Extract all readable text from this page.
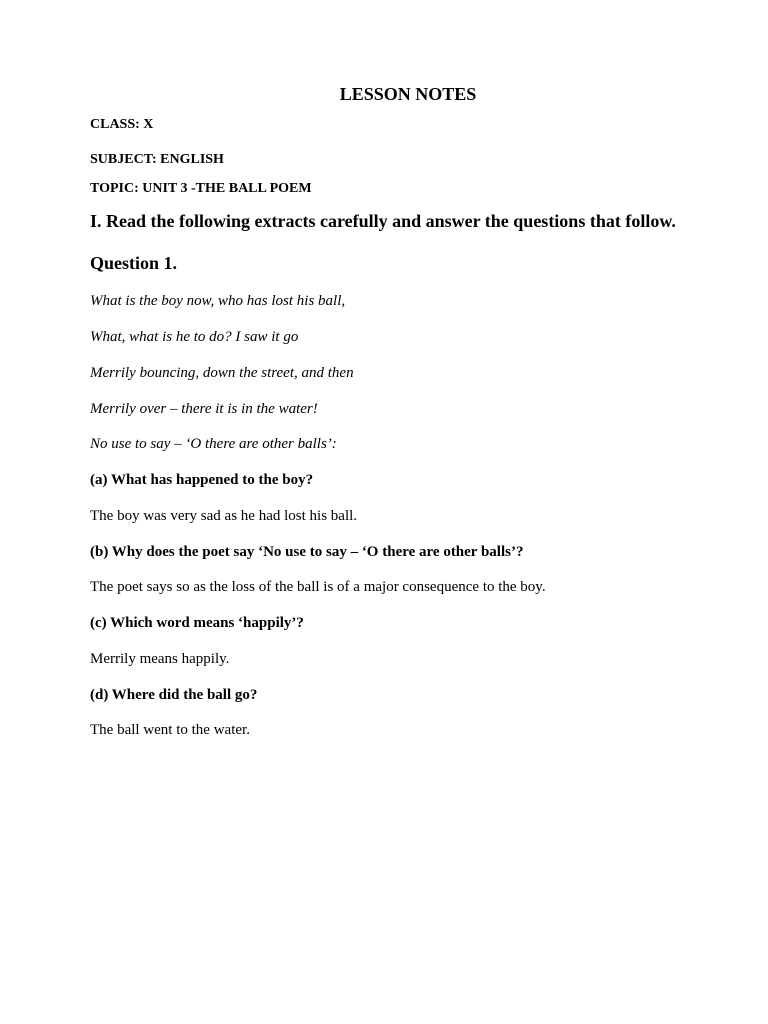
LESSON NOTES
CLASS: X
SUBJECT: ENGLISH
TOPIC: UNIT 3 -THE BALL POEM
I. Read the following extracts carefully and answer the questions that follow.
Question 1.
What is the boy now, who has lost his ball,
What, what is he to do? I saw it go
Merrily bouncing, down the street, and then
Merrily over – there it is in the water!
No use to say – ‘O there are other balls’:
(a) What has happened to the boy?
The boy was very sad as he had lost his ball.
(b) Why does the poet say ‘No use to say – ‘O there are other balls’?
The poet says so as the loss of the ball is of a major consequence to the boy.
(c) Which word means ‘happily’?
Merrily means happily.
(d) Where did the ball go?
The ball went to the water.
